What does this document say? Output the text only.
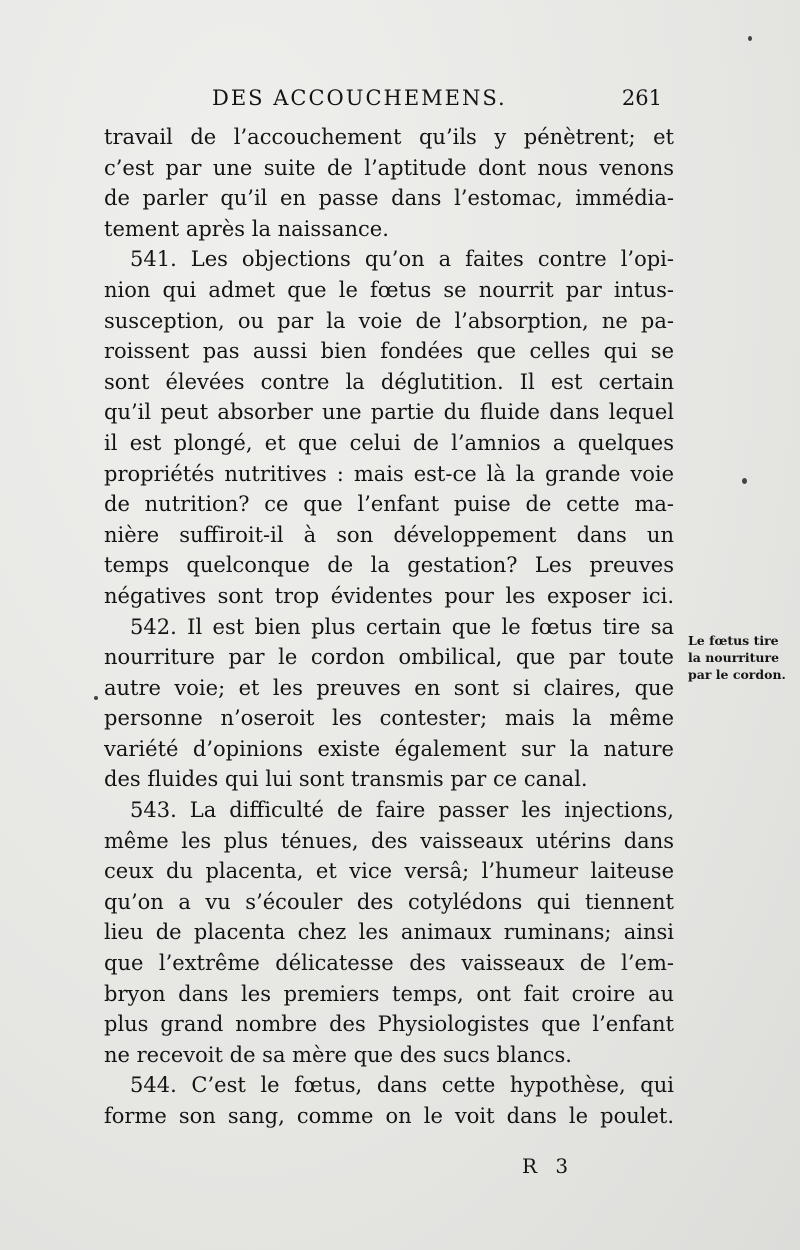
DES ACCOUCHEMENS.	261
travail de l’accouchement qu’ils y pénètrent; et
c’est par une suite de l’aptitude dont nous venons
de parler qu’il en passe dans l’estomac, immédia-
tement après la naissance.
541. Les objections qu’on a faites contre l’opi-
nion qui admet que le fœtus se nourrit par intus-
susception, ou par la voie de l’absorption, ne pa-
roissent pas aussi bien fondées que celles qui se
sont élevées contre la déglutition. Il est certain
qu’il peut absorber une partie du fluide dans lequel
il est plongé, et que celui de l’amnios a quelques
propriétés nutritives : mais est-ce là la grande voie
de nutrition? ce que l’enfant puise de cette ma-
nière suffiroit-il à son développement dans un
temps quelconque de la gestation? Les preuves
négatives sont trop évidentes pour les exposer ici.
542. Il est bien plus certain que le fœtus tire sa
nourriture par le cordon ombilical, que par toute
autre voie; et les preuves en sont si claires, que
personne n’oseroit les contester; mais la même
variété d’opinions existe également sur la nature
des fluides qui lui sont transmis par ce canal.
543. La difficulté de faire passer les injections,
même les plus ténues, des vaisseaux utérins dans
ceux du placenta, et vice versâ; l’humeur laiteuse
qu’on a vu s’écouler des cotylédons qui tiennent
lieu de placenta chez les animaux ruminans; ainsi
que l’extrême délicatesse des vaisseaux de l’em-
bryon dans les premiers temps, ont fait croire au
plus grand nombre des Physiologistes que l’enfant
ne recevoit de sa mère que des sucs blancs.
544. C’est le fœtus, dans cette hypothèse, qui
forme son sang, comme on le voit dans le poulet.
Le fœtus tire
la nourriture
par le cordon.
R 3
